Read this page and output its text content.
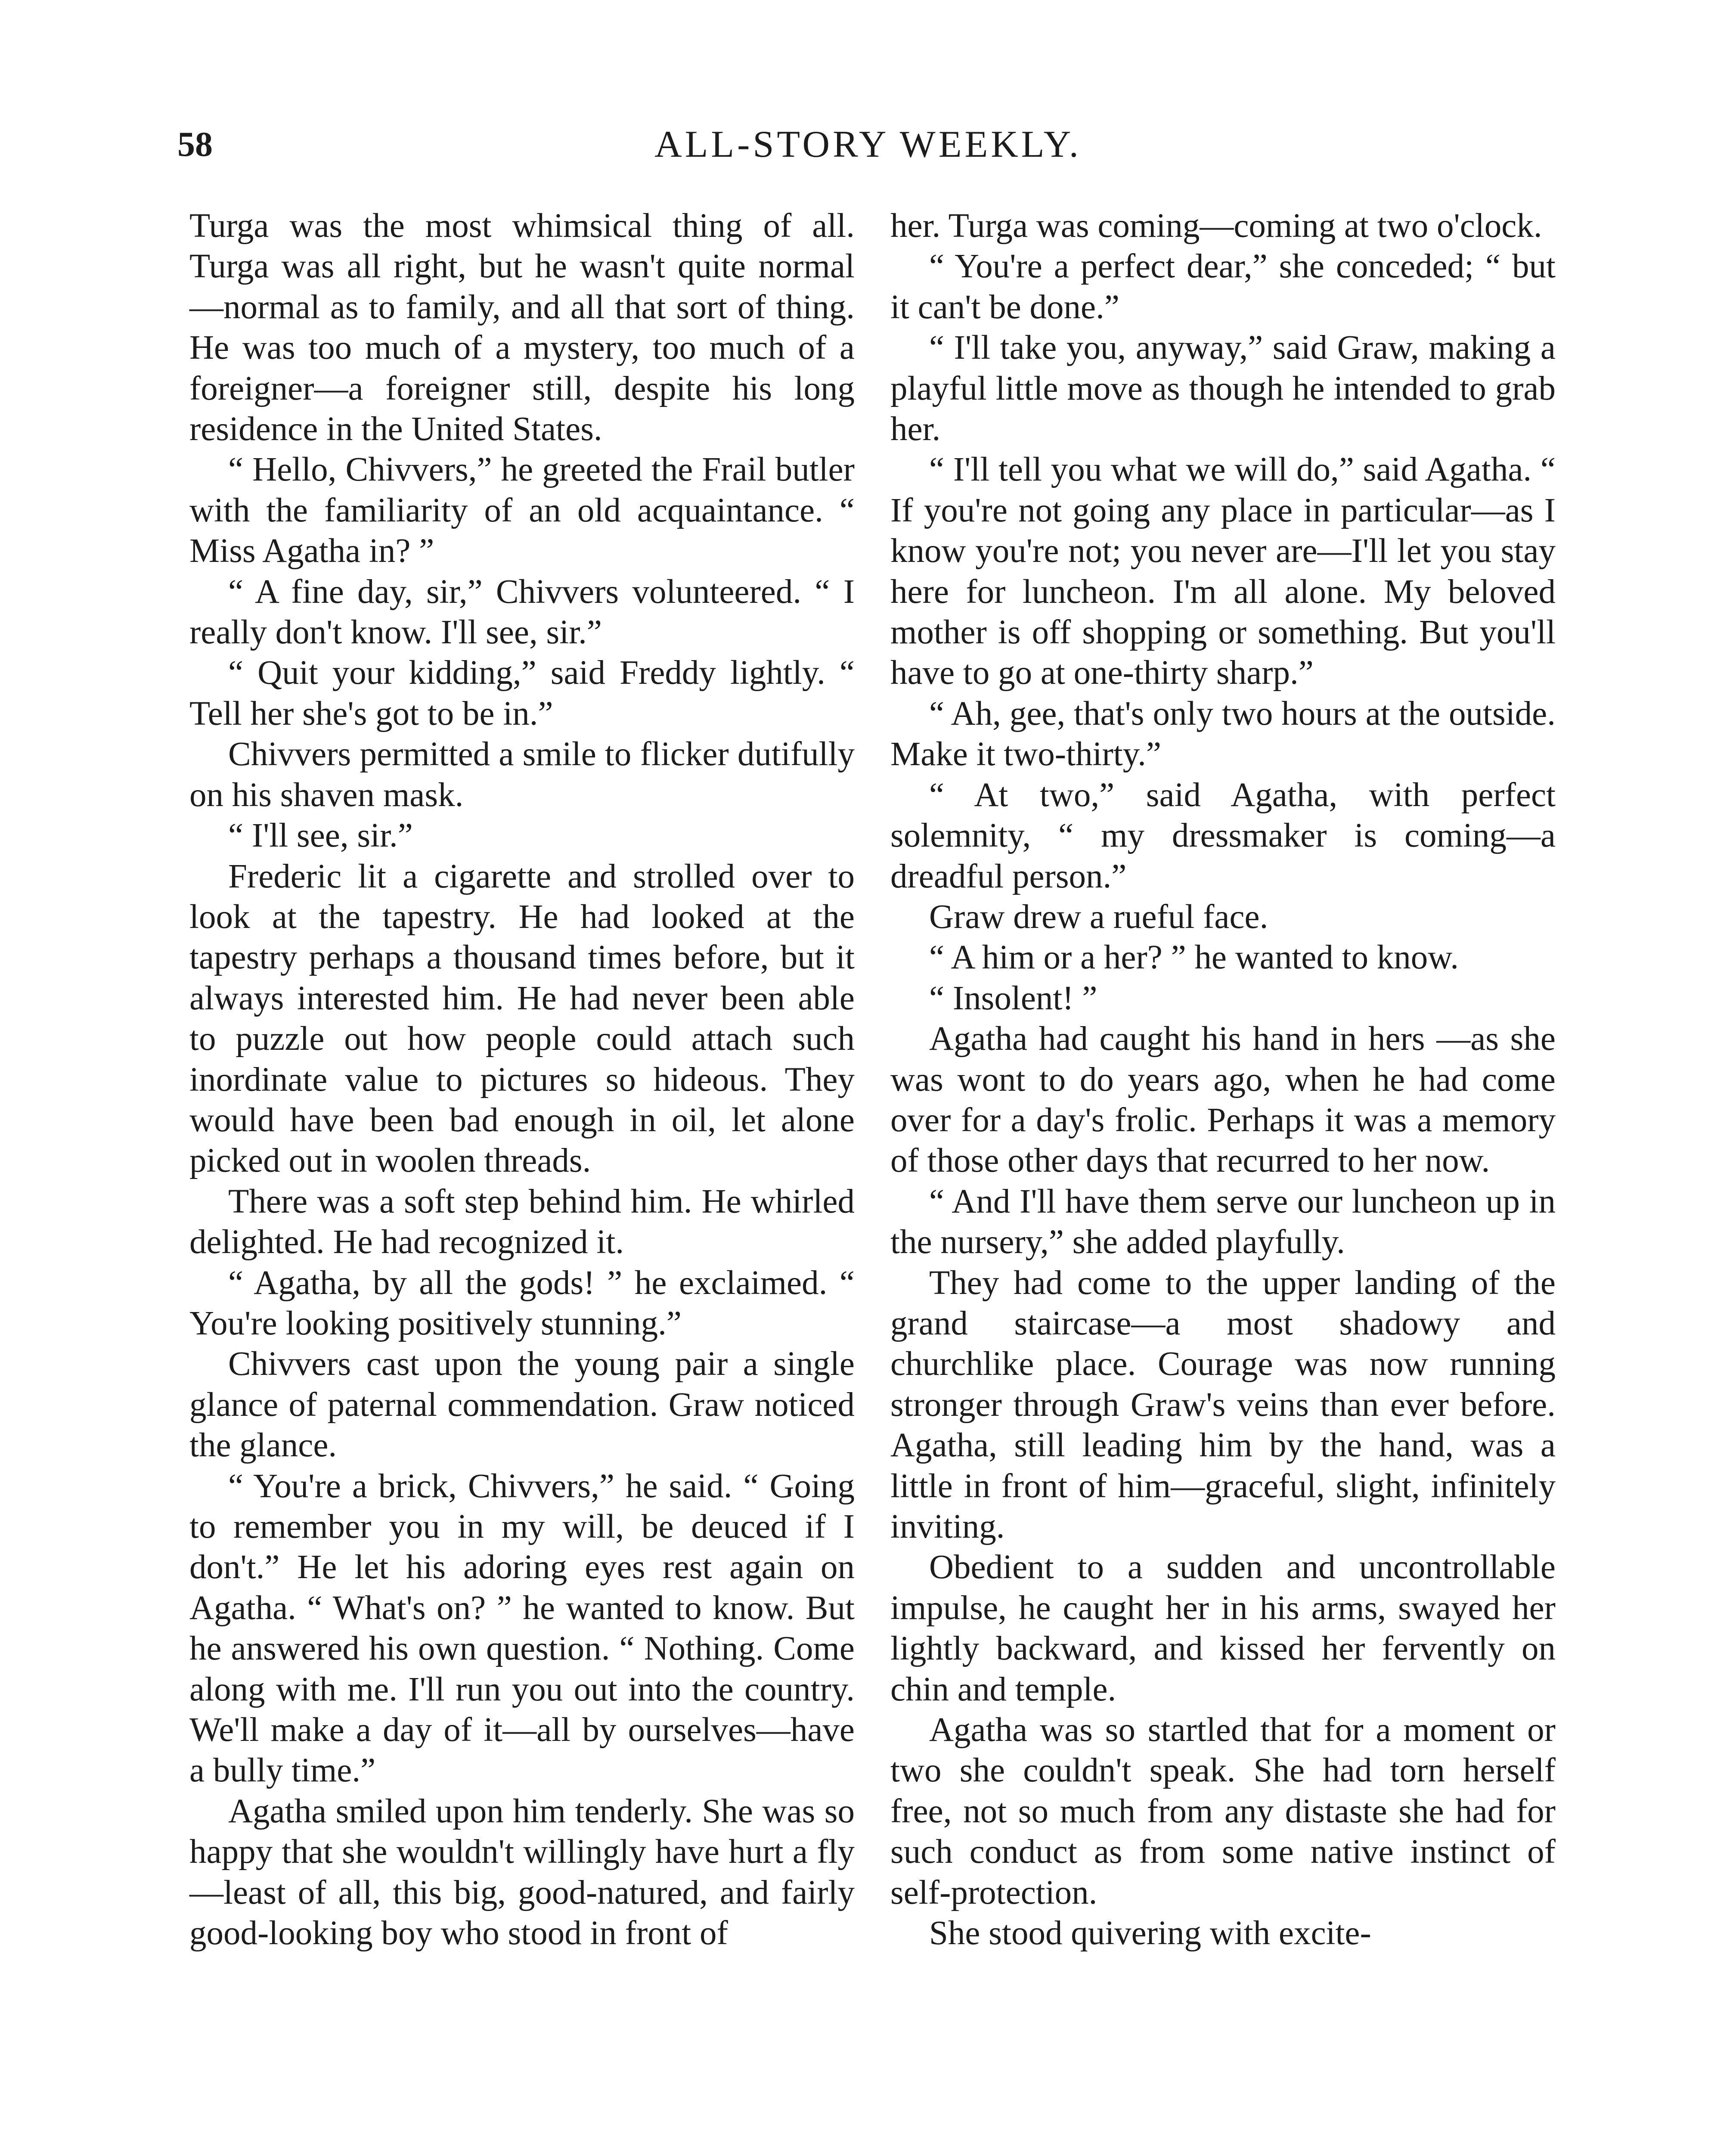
58	ALL-STORY WEEKLY.

Turga was the most whimsical thing of all. Turga was all right, but he wasn't quite normal—normal as to family, and all that sort of thing. He was too much of a mystery, too much of a foreigner—a foreigner still, despite his long residence in the United States.

“ Hello, Chivvers,” he greeted the Frail butler with the familiarity of an old acquaintance. “ Miss Agatha in? ”

“ A fine day, sir,” Chivvers volunteered. “ I really don't know. I'll see, sir.”

“ Quit your kidding,” said Freddy lightly. “ Tell her she's got to be in.”

Chivvers permitted a smile to flicker dutifully on his shaven mask.

“ I'll see, sir.”

Frederic lit a cigarette and strolled over to look at the tapestry. He had looked at the tapestry perhaps a thousand times before, but it always interested him. He had never been able to puzzle out how people could attach such inordinate value to pictures so hideous. They would have been bad enough in oil, let alone picked out in woolen threads.

There was a soft step behind him. He whirled delighted. He had recognized it.

“ Agatha, by all the gods! ” he exclaimed. “ You're looking positively stunning.”

Chivvers cast upon the young pair a single glance of paternal commendation. Graw noticed the glance.

“ You're a brick, Chivvers,” he said. “ Going to remember you in my will, be deuced if I don't.” He let his adoring eyes rest again on Agatha. “ What's on? ” he wanted to know. But he answered his own question. “ Nothing. Come along with me. I'll run you out into the country. We'll make a day of it—all by ourselves—have a bully time.”

Agatha smiled upon him tenderly. She was so happy that she wouldn't willingly have hurt a fly—least of all, this big, good-natured, and fairly good-looking boy who stood in front of

her. Turga was coming—coming at two o'clock.

“ You're a perfect dear,” she conceded; “ but it can't be done.”

“ I'll take you, anyway,” said Graw, making a playful little move as though he intended to grab her.

“ I'll tell you what we will do,” said Agatha. “ If you're not going any place in particular—as I know you're not; you never are—I'll let you stay here for luncheon. I'm all alone. My beloved mother is off shopping or something. But you'll have to go at one-thirty sharp.”

“ Ah, gee, that's only two hours at the outside. Make it two-thirty.”

“ At two,” said Agatha, with perfect solemnity, “ my dressmaker is coming—a dreadful person.”

Graw drew a rueful face.

“ A him or a her? ” he wanted to know.

“ Insolent! ”

Agatha had caught his hand in hers —as she was wont to do years ago, when he had come over for a day's frolic. Perhaps it was a memory of those other days that recurred to her now.

“ And I'll have them serve our luncheon up in the nursery,” she added playfully.

They had come to the upper landing of the grand staircase—a most shadowy and churchlike place. Courage was now running stronger through Graw's veins than ever before. Agatha, still leading him by the hand, was a little in front of him—graceful, slight, infinitely inviting.

Obedient to a sudden and uncontrollable impulse, he caught her in his arms, swayed her lightly backward, and kissed her fervently on chin and temple.

Agatha was so startled that for a moment or two she couldn't speak. She had torn herself free, not so much from any distaste she had for such conduct as from some native instinct of self-protection.

She stood quivering with excite-
